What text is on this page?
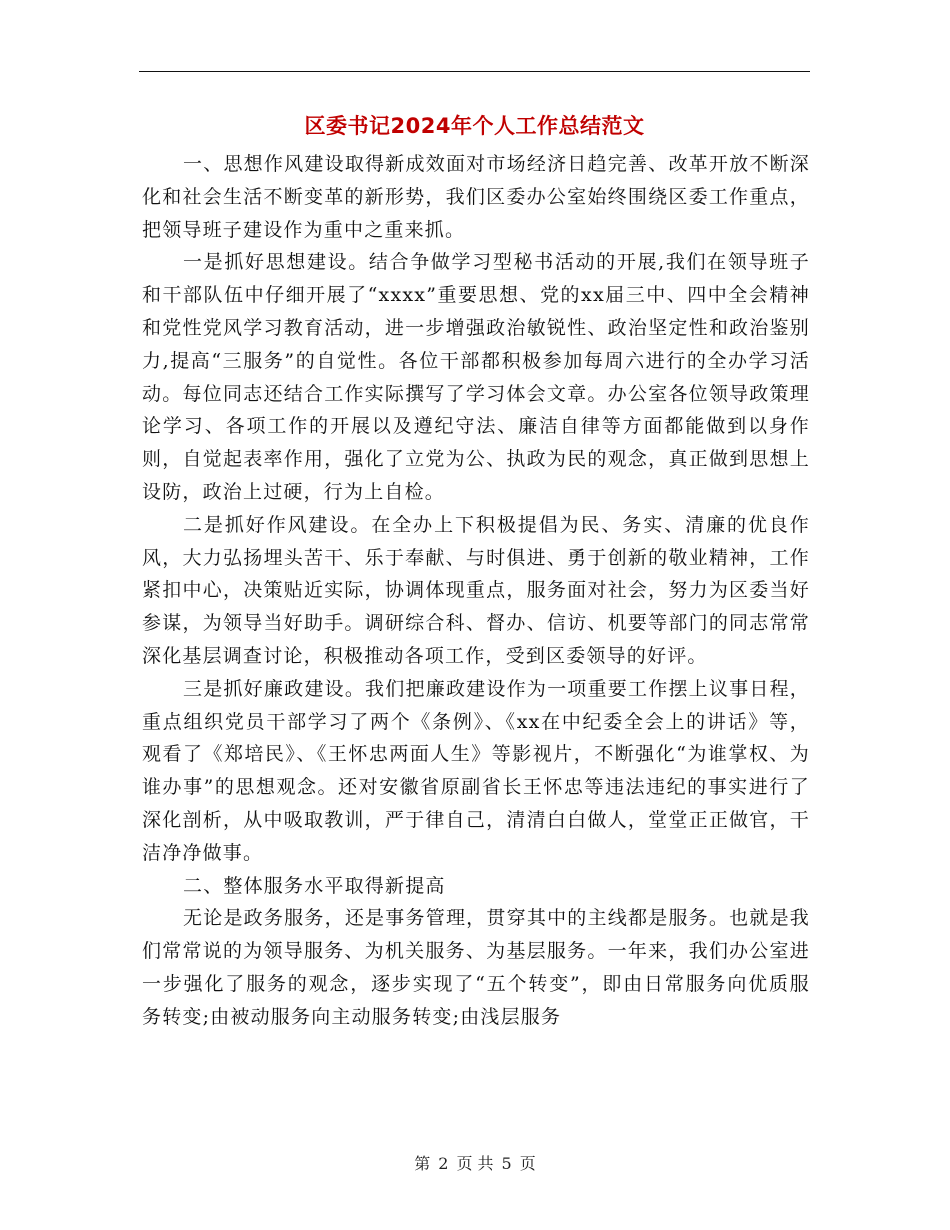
区委书记2024年个人工作总结范文

一、思想作风建设取得新成效面对市场经济日趋完善、改革开放不断深化和社会生活不断变革的新形势，我们区委办公室始终围绕区委工作重点，把领导班子建设作为重中之重来抓。

一是抓好思想建设。结合争做学习型秘书活动的开展,我们在领导班子和干部队伍中仔细开展了“xxxx”重要思想、党的xx届三中、四中全会精神和党性党风学习教育活动，进一步增强政治敏锐性、政治坚定性和政治鉴别力,提高“三服务”的自觉性。各位干部都积极参加每周六进行的全办学习活动。每位同志还结合工作实际撰写了学习体会文章。办公室各位领导政策理论学习、各项工作的开展以及遵纪守法、廉洁自律等方面都能做到以身作则，自觉起表率作用，强化了立党为公、执政为民的观念，真正做到思想上设防，政治上过硬，行为上自检。

二是抓好作风建设。在全办上下积极提倡为民、务实、清廉的优良作风，大力弘扬埋头苦干、乐于奉献、与时俱进、勇于创新的敬业精神，工作紧扣中心，决策贴近实际，协调体现重点，服务面对社会，努力为区委当好参谋，为领导当好助手。调研综合科、督办、信访、机要等部门的同志常常深化基层调查讨论，积极推动各项工作，受到区委领导的好评。

三是抓好廉政建设。我们把廉政建设作为一项重要工作摆上议事日程，重点组织党员干部学习了两个《条例》、《xx在中纪委全会上的讲话》等，观看了《郑培民》、《王怀忠两面人生》等影视片，不断强化“为谁掌权、为谁办事”的思想观念。还对安徽省原副省长王怀忠等违法违纪的事实进行了深化剖析，从中吸取教训，严于律自己，清清白白做人，堂堂正正做官，干洁净净做事。

二、整体服务水平取得新提高

无论是政务服务，还是事务管理，贯穿其中的主线都是服务。也就是我们常常说的为领导服务、为机关服务、为基层服务。一年来，我们办公室进一步强化了服务的观念，逐步实现了“五个转变”，即由日常服务向优质服务转变;由被动服务向主动服务转变;由浅层服务

第 2 页 共 5 页
